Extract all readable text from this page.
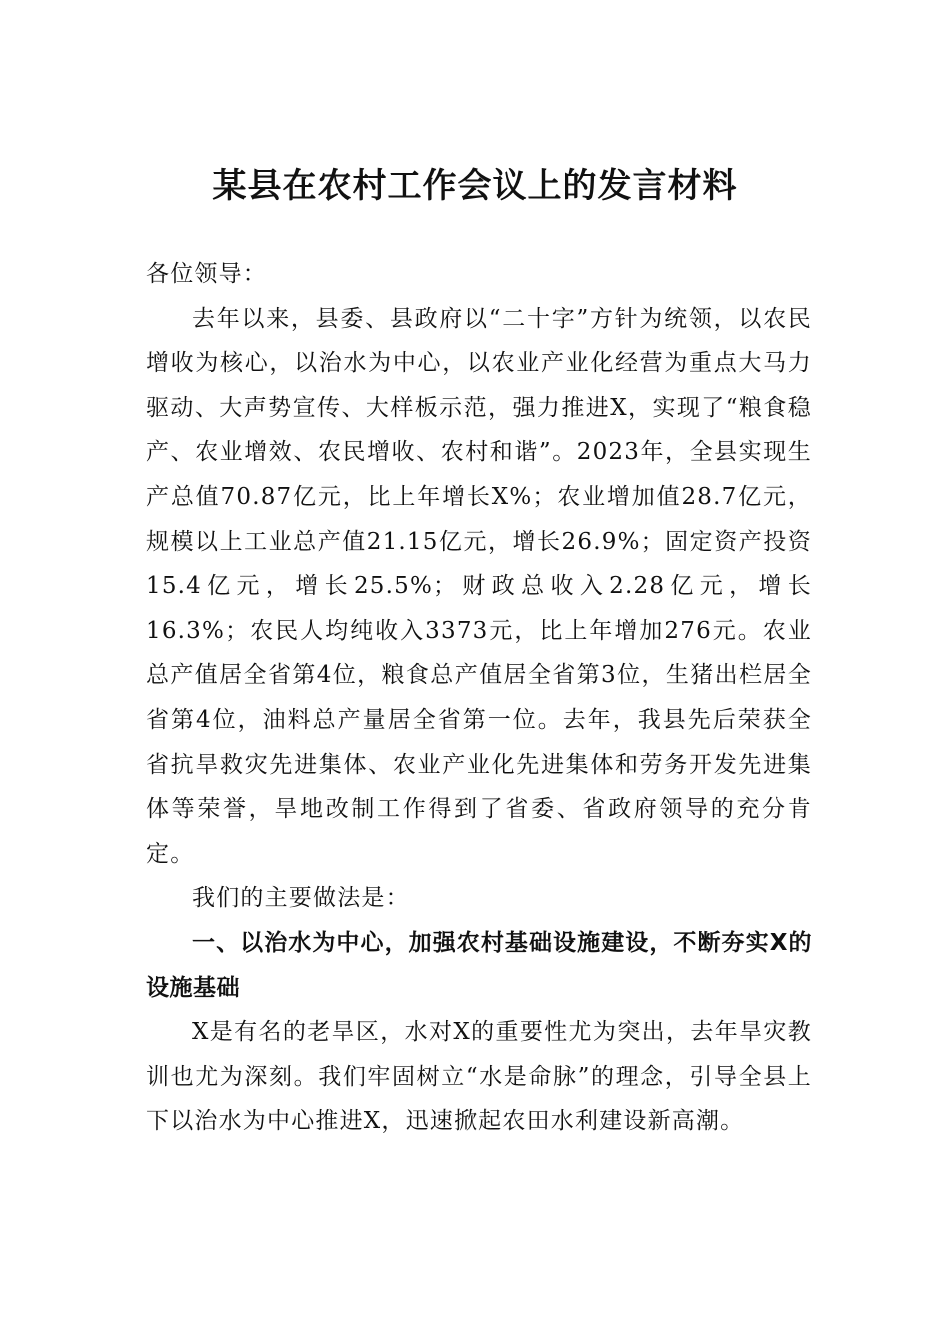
某县在农村工作会议上的发言材料

各位领导：

去年以来，县委、县政府以“二十字”方针为统领，以农民增收为核心，以治水为中心，以农业产业化经营为重点大马力驱动、大声势宣传、大样板示范，强力推进X，实现了“粮食稳产、农业增效、农民增收、农村和谐”。2023年，全县实现生产总值70.87亿元，比上年增长X%；农业增加值28.7亿元，规模以上工业总产值21.15亿元，增长26.9%；固定资产投资15.4亿元，增长25.5%；财政总收入2.28亿元，增长16.3%；农民人均纯收入3373元，比上年增加276元。农业总产值居全省第4位，粮食总产值居全省第3位，生猪出栏居全省第4位，油料总产量居全省第一位。去年，我县先后荣获全省抗旱救灾先进集体、农业产业化先进集体和劳务开发先进集体等荣誉，旱地改制工作得到了省委、省政府领导的充分肯定。

我们的主要做法是：

一、以治水为中心，加强农村基础设施建设，不断夯实X的设施基础

X是有名的老旱区，水对X的重要性尤为突出，去年旱灾教训也尤为深刻。我们牢固树立“水是命脉”的理念，引导全县上下以治水为中心推进X，迅速掀起农田水利建设新高潮。
